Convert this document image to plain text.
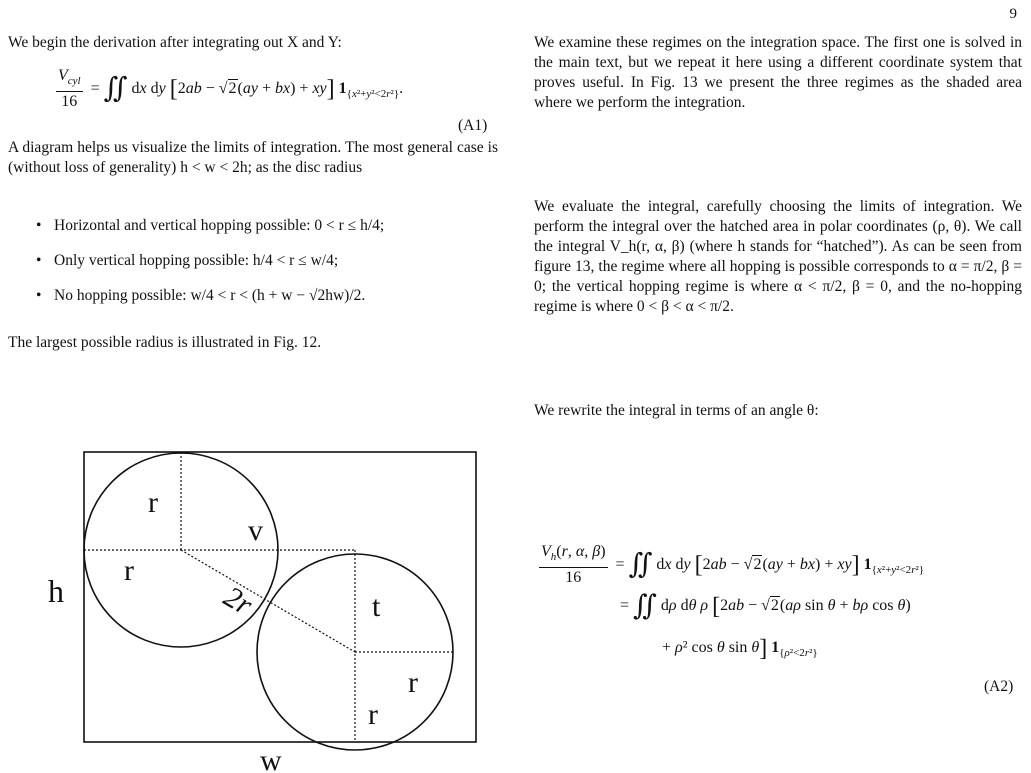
9
We begin the derivation after integrating out X and Y:
$\frac{V_{cyl}}{16}$ = ∬ dx dy [2ab − √2(ay + bx) + xy] $1_{\{x^2+y^2<2r^2\}}$.
(A1)
A diagram helps us visualize the limits of integration. The most general case is (without loss of generality) h < w < 2h; as the disc radius
• Horizontal and vertical hopping possible: 0 < r ≤ h/4;
• Only vertical hopping possible: h/4 < r ≤ w/4;
• No hopping possible: w/4 < r < (h + w − √2hw)/2.
The largest possible radius is illustrated in Fig. 12.
r
v
r
2r
h	t
r
r
w
We examine these regimes on the integration space. The first one is solved in the main text, but we repeat it here using a different coordinate system that proves useful. In Fig. 13 we present the three regimes as the shaded area where we perform the integration.
We evaluate the integral, carefully choosing the limits of integration. We perform the integral over the hatched area in polar coordinates (ρ, θ). We call the integral V_h(r, α, β) (where h stands for “hatched”). As can be seen from figure 13, the regime where all hopping is possible corresponds to α = π/2, β = 0; the vertical hopping regime is where α < π/2, β = 0, and the no-hopping regime is where 0 < β < α < π/2.
We rewrite the integral in terms of an angle θ:
$\frac{V_h(r, \alpha, \beta)}{16}$ = ∬ dx dy [2ab − √2(ay + bx) + xy] $1_{\{x^2+y^2<2r^2\}}$
= ∬ dρ dθ ρ [2ab − √2(aρ sin θ + bρ cos θ)
+ ρ² cos θ sin θ] $1_{\{\rho^2<2r^2\}}$
(A2)
